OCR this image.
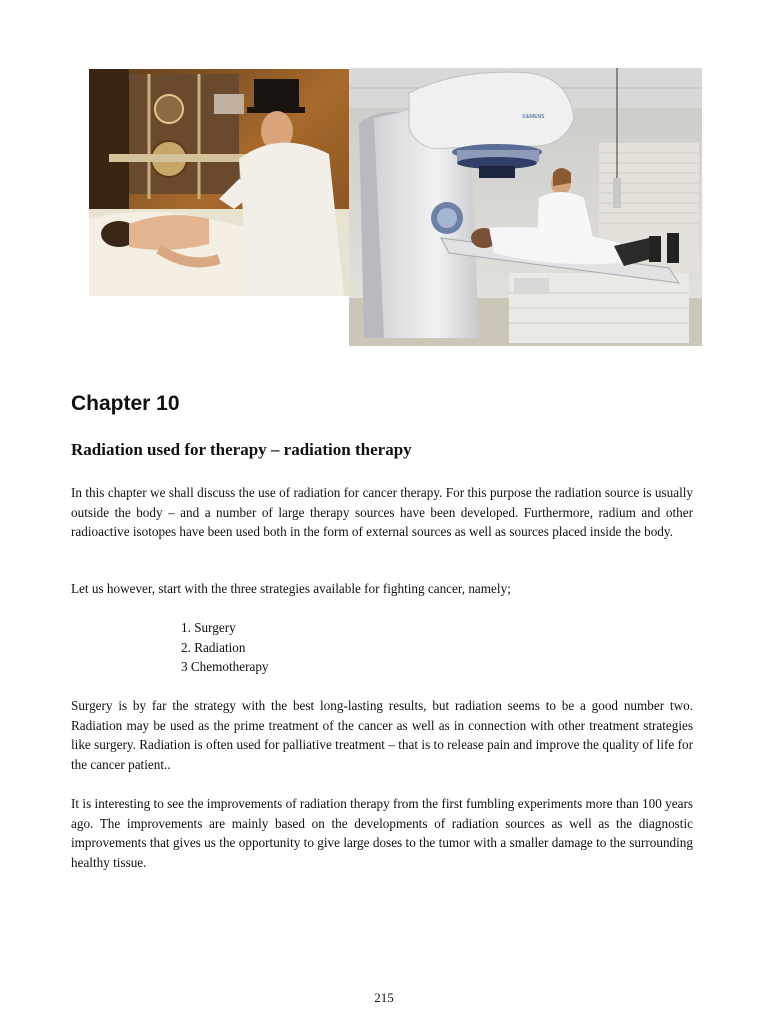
SIEMENS
Chapter 10
Radiation used for therapy – radiation therapy

In this chapter we shall discuss the use of radiation for cancer therapy. For this purpose the radiation source is usually outside the body – and a number of large therapy sources have been developed. Furthermore, radium and other radioactive isotopes have been used both in the form of external sources as well as sources placed inside the body.

Let us however, start with the three strategies available for fighting cancer, namely;

1. Surgery
2. Radiation
3 Chemotherapy

Surgery is by far the strategy with the best long-lasting results, but radiation seems to be a good number two. Radiation may be used as the prime treatment of the cancer as well as in connection with other treatment strategies like surgery. Radiation is often used for palliative treatment – that is to release pain and improve the quality of life for the cancer patient..

It is interesting to see the improvements of radiation therapy from the first fumbling experiments more than 100 years ago. The improvements are mainly based on the developments of radiation sources as well as the diagnostic improvements that gives us the opportunity to give large doses to the tumor with a smaller damage to the surrounding healthy tissue.

215
